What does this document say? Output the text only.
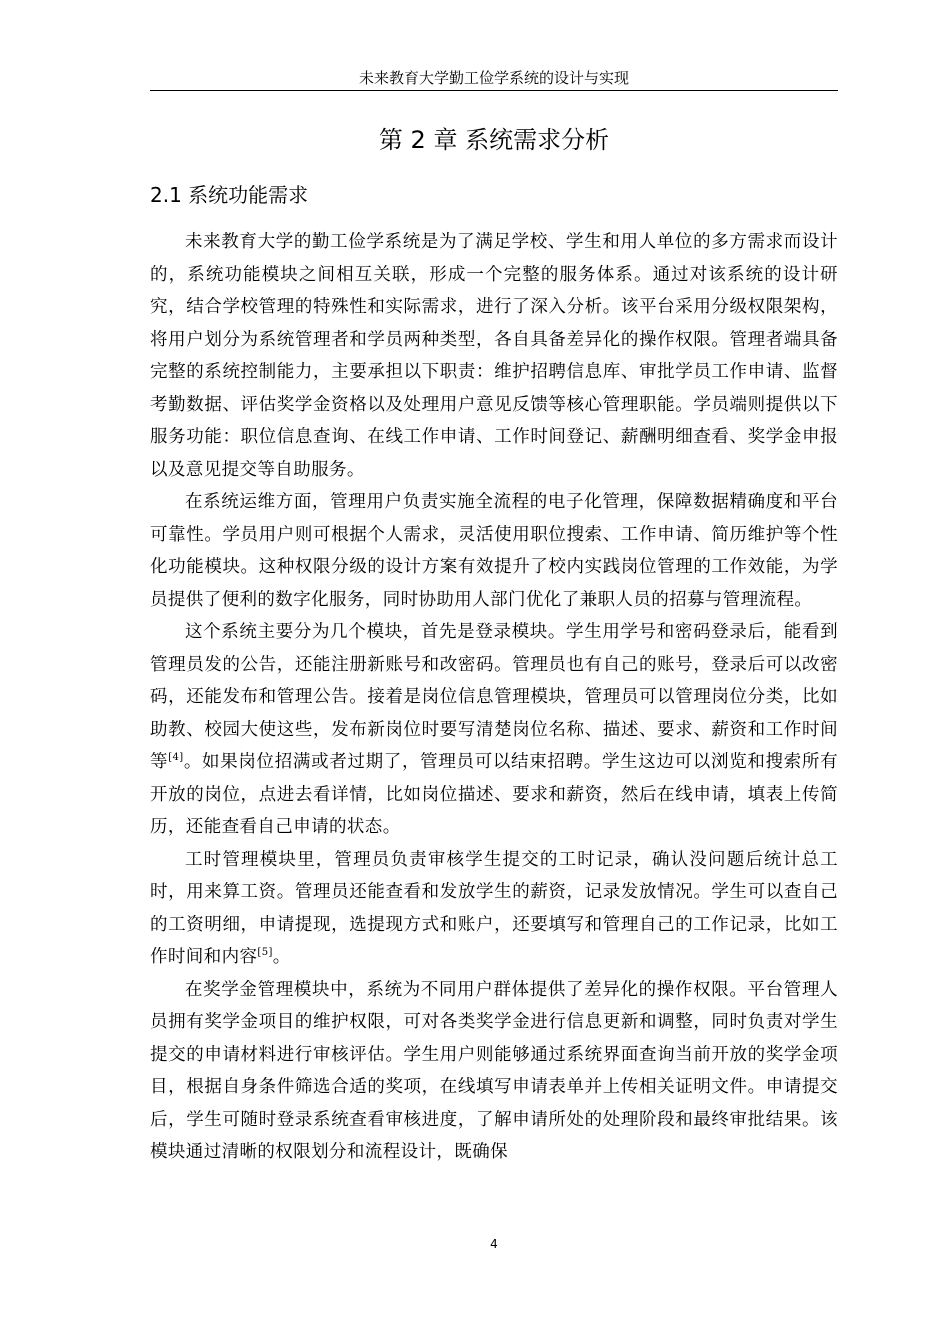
未来教育大学勤工俭学系统的设计与实现
第 2 章 系统需求分析
2.1 系统功能需求

未来教育大学的勤工俭学系统是为了满足学校、学生和用人单位的多方需求而设计的，系统功能模块之间相互关联，形成一个完整的服务体系。通过对该系统的设计研究，结合学校管理的特殊性和实际需求，进行了深入分析。该平台采用分级权限架构，将用户划分为系统管理者和学员两种类型，各自具备差异化的操作权限。管理者端具备完整的系统控制能力，主要承担以下职责：维护招聘信息库、审批学员工作申请、监督考勤数据、评估奖学金资格以及处理用户意见反馈等核心管理职能。学员端则提供以下服务功能：职位信息查询、在线工作申请、工作时间登记、薪酬明细查看、奖学金申报以及意见提交等自助服务。

在系统运维方面，管理用户负责实施全流程的电子化管理，保障数据精确度和平台可靠性。学员用户则可根据个人需求，灵活使用职位搜索、工作申请、简历维护等个性化功能模块。这种权限分级的设计方案有效提升了校内实践岗位管理的工作效能，为学员提供了便利的数字化服务，同时协助用人部门优化了兼职人员的招募与管理流程。

这个系统主要分为几个模块，首先是登录模块。学生用学号和密码登录后，能看到管理员发的公告，还能注册新账号和改密码。管理员也有自己的账号，登录后可以改密码，还能发布和管理公告。接着是岗位信息管理模块，管理员可以管理岗位分类，比如助教、校园大使这些，发布新岗位时要写清楚岗位名称、描述、要求、薪资和工作时间等[4]。如果岗位招满或者过期了，管理员可以结束招聘。学生这边可以浏览和搜索所有开放的岗位，点进去看详情，比如岗位描述、要求和薪资，然后在线申请，填表上传简历，还能查看自己申请的状态。

工时管理模块里，管理员负责审核学生提交的工时记录，确认没问题后统计总工时，用来算工资。管理员还能查看和发放学生的薪资，记录发放情况。学生可以查自己的工资明细，申请提现，选提现方式和账户，还要填写和管理自己的工作记录，比如工作时间和内容[5]。

在奖学金管理模块中，系统为不同用户群体提供了差异化的操作权限。平台管理人员拥有奖学金项目的维护权限，可对各类奖学金进行信息更新和调整，同时负责对学生提交的申请材料进行审核评估。学生用户则能够通过系统界面查询当前开放的奖学金项目，根据自身条件筛选合适的奖项，在线填写申请表单并上传相关证明文件。申请提交后，学生可随时登录系统查看审核进度，了解申请所处的处理阶段和最终审批结果。该模块通过清晰的权限划分和流程设计，既确保

4
